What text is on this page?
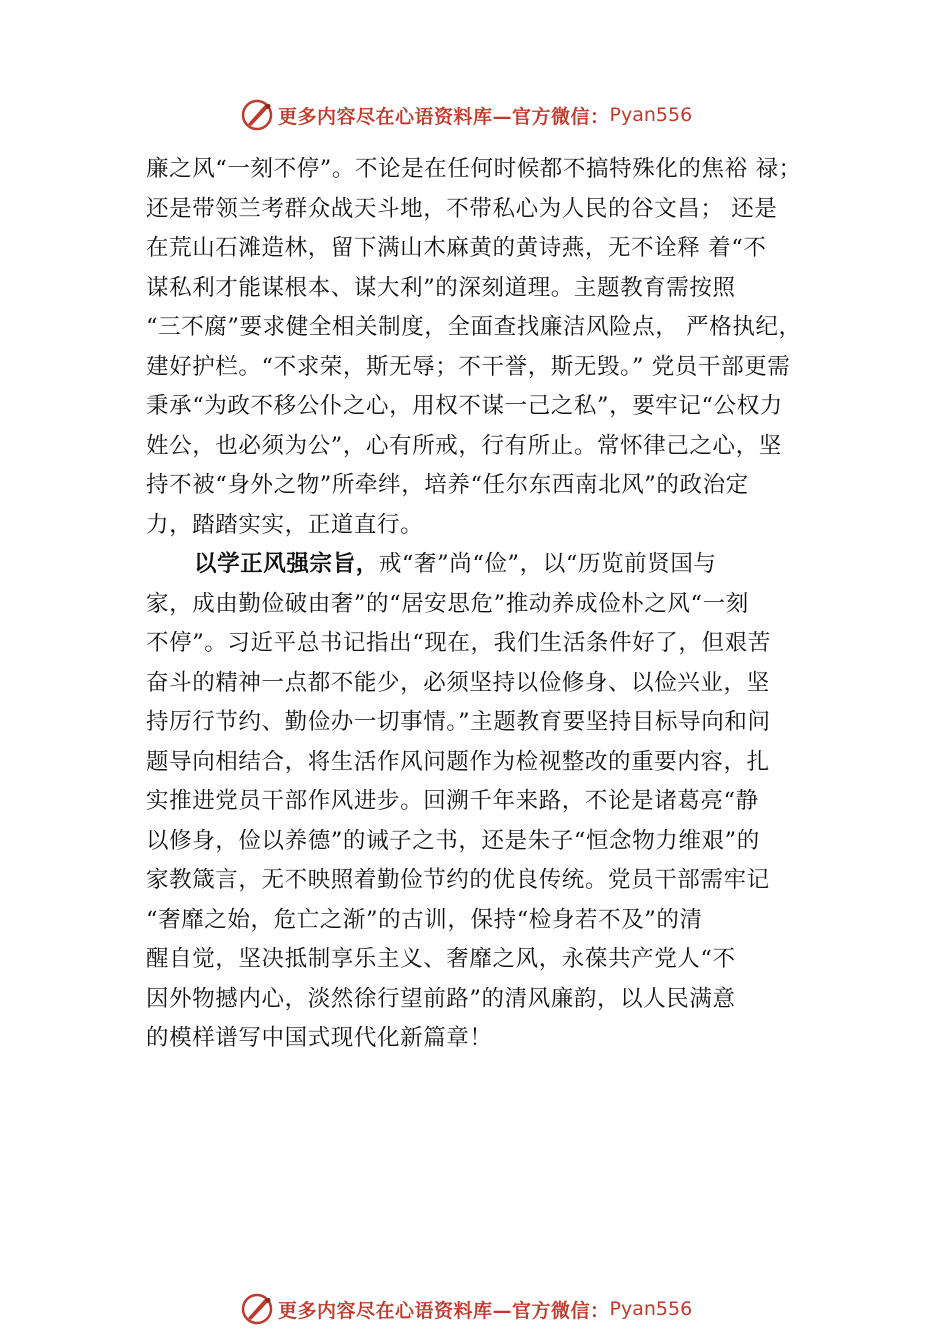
更多内容尽在心语资料库—官方微信： Pyan556
廉之风“一刻不停”。不论是在任何时候都不搞特殊化的焦裕 禄；
还是带领兰考群众战天斗地，不带私心为人民的谷文昌； 还是
在荒山石滩造林，留下满山木麻黄的黄诗燕，无不诠释 着“不
谋私利才能谋根本、谋大利”的深刻道理。主题教育需按照
“三不腐”要求健全相关制度，全面查找廉洁风险点， 严格执纪，
建好护栏。“不求荣，斯无辱；不干誉，斯无毁。” 党员干部更需
秉承“为政不移公仆之心，用权不谋一己之私”，要牢记“公权力
姓公，也必须为公”，心有所戒，行有所止。常怀律己之心，坚
持不被“身外之物”所牵绊，培养“任尔东西南北风”的政治定
力，踏踏实实，正道直行。
以学正风强宗旨，戒“奢”尚“俭”，以“历览前贤国与
家，成由勤俭破由奢”的“居安思危”推动养成俭朴之风“一刻
不停”。习近平总书记指出“现在，我们生活条件好了，但艰苦
奋斗的精神一点都不能少，必须坚持以俭修身、以俭兴业，坚
持厉行节约、勤俭办一切事情。”主题教育要坚持目标导向和问
题导向相结合，将生活作风问题作为检视整改的重要内容，扎
实推进党员干部作风进步。回溯千年来路，不论是诸葛亮“静
以修身，俭以养德”的诫子之书，还是朱子“恒念物力维艰”的
家教箴言，无不映照着勤俭节约的优良传统。党员干部需牢记
“奢靡之始，危亡之渐”的古训，保持“检身若不及”的清
醒自觉，坚决抵制享乐主义、奢靡之风，永葆共产党人“不
因外物撼内心，淡然徐行望前路”的清风廉韵，以人民满意
的模样谱写中国式现代化新篇章！
更多内容尽在心语资料库—官方微信： Pyan556
